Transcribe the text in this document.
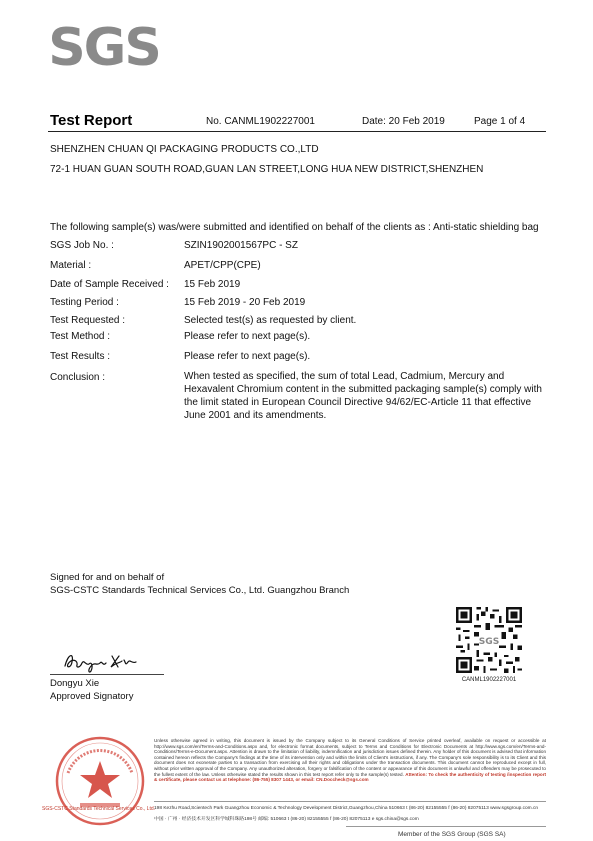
SGS
Test Report	No. CANML1902227001	Date: 20 Feb 2019	Page 1 of 4
SHENZHEN CHUAN QI PACKAGING PRODUCTS CO.,LTD
72-1 HUAN GUAN SOUTH ROAD,GUAN LAN STREET,LONG HUA NEW DISTRICT,SHENZHEN
The following sample(s) was/were submitted and identified on behalf of the clients as : Anti-static shielding bag
SGS Job No. :	SZIN1902001567PC - SZ
Material :	APET/CPP(CPE)
Date of Sample Received : 15 Feb 2019
Testing Period :	15 Feb 2019 - 20 Feb 2019
Test Requested :	Selected test(s) as requested by client.
Test Method :	Please refer to next page(s).
Test Results :	Please refer to next page(s).
Conclusion :	When tested as specified, the sum of total Lead, Cadmium, Mercury and Hexavalent Chromium content in the submitted packaging sample(s) comply with the limit stated in European Council Directive 94/62/EC-Article 11 that effective June 2001 and its amendments.
Signed for and on behalf of
SGS-CSTC Standards Technical Services Co., Ltd. Guangzhou Branch
SGS
CANML1902227001
Dongyu Xie
Approved Signatory
SGS-CSTC Standards Technical Services Co., Ltd.
Unless otherwise agreed in writing, this document is issued by the Company subject to its General Conditions of Service printed overleaf, available on request or accessible at http://www.sgs.com/en/Terms-and-Conditions.aspx and, for electronic format documents, subject to Terms and Conditions for Electronic Documents at http://www.sgs.com/en/Terms-and-Conditions/Terms-e-Document.aspx. Attention is drawn to the limitation of liability, indemnification and jurisdiction issues defined therein. Any holder of this document is advised that information contained hereon reflects the Company's findings at the time of its intervention only and within the limits of Client's instructions, if any. The Company's sole responsibility is to its Client and this document does not exonerate parties to a transaction from exercising all their rights and obligations under the transaction documents. This document cannot be reproduced except in full, without prior written approval of the Company. Any unauthorized alteration, forgery or falsification of the content or appearance of this document is unlawful and offenders may be prosecuted to the fullest extent of the law. Unless otherwise stated the results shown in this test report refer only to the sample(s) tested. Attention: To check the authenticity of testing /inspection report & certificate, please contact us at telephone: (86-755) 8307 1443, or email: CN.Doccheck@sgs.com
198 Kezhu Road,Scientech Park Guangzhou Economic & Technology Development District,Guangzhou,China 510663 t (86-20) 82155555 f (86-20) 82075113 www.sgsgroup.com.cn
中国 · 广州 · 经济技术开发区科学城科珠路198号 邮编: 510663 t (86-20) 82155555 f (86-20) 82075113 e sgs.china@sgs.com
Member of the SGS Group (SGS SA)
